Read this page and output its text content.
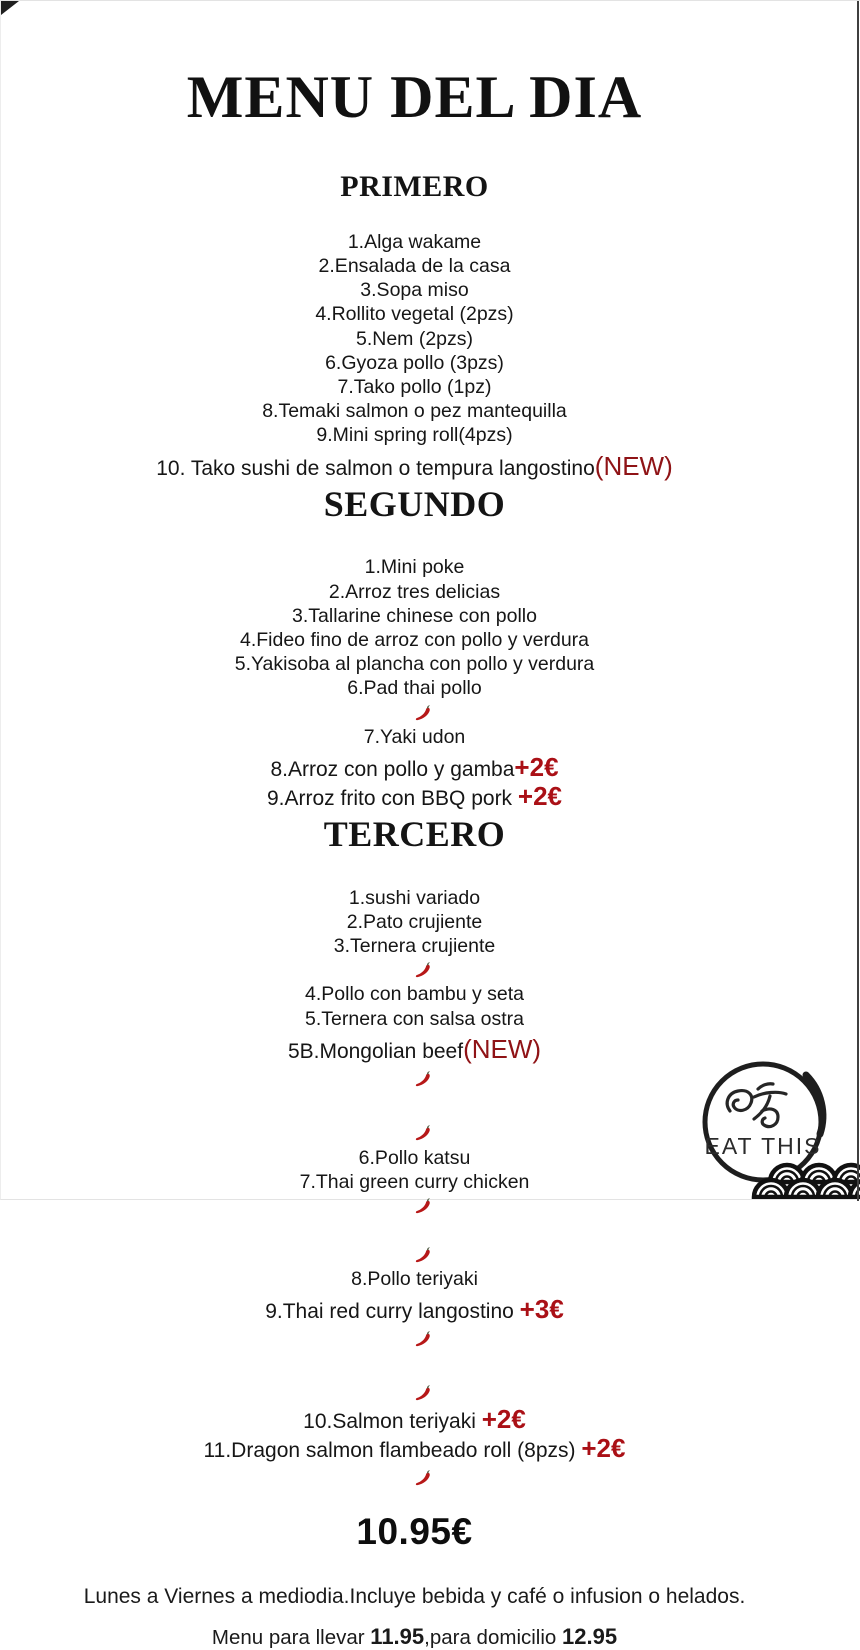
MENU DEL DIA
PRIMERO
1.Alga wakame
2.Ensalada de la casa
3.Sopa miso
4.Rollito vegetal (2pzs)
5.Nem (2pzs)
6.Gyoza pollo (3pzs)
7.Tako pollo (1pz)
8.Temaki salmon o pez mantequilla
9.Mini spring roll(4pzs)
10. Tako sushi de salmon o tempura langostino(NEW)
SEGUNDO
1.Mini poke
2.Arroz tres delicias
3.Tallarine chinese con pollo
4.Fideo fino de arroz con pollo y verdura
5.Yakisoba al plancha con pollo y verdura
6.Pad thai pollo

7.Yaki udon
8.Arroz con pollo y gamba+2€
9.Arroz frito con BBQ pork +2€
TERCERO
1.sushi variado
2.Pato crujiente
3.Ternera crujiente

4.Pollo con bambu y seta
5.Ternera con salsa ostra
5B.Mongolian beef(NEW)

6.Pollo katsu
7.Thai green curry chicken

8.Pollo teriyaki
9.Thai red curry langostino +3€

10.Salmon teriyaki +2€
11.Dragon salmon flambeado roll (8pzs) +2€

10.95€
Lunes a Viernes a mediodia.Incluye bebida y café o infusion o helados.
Menu para llevar 11.95,para domicilio 12.95
EAT THIS
